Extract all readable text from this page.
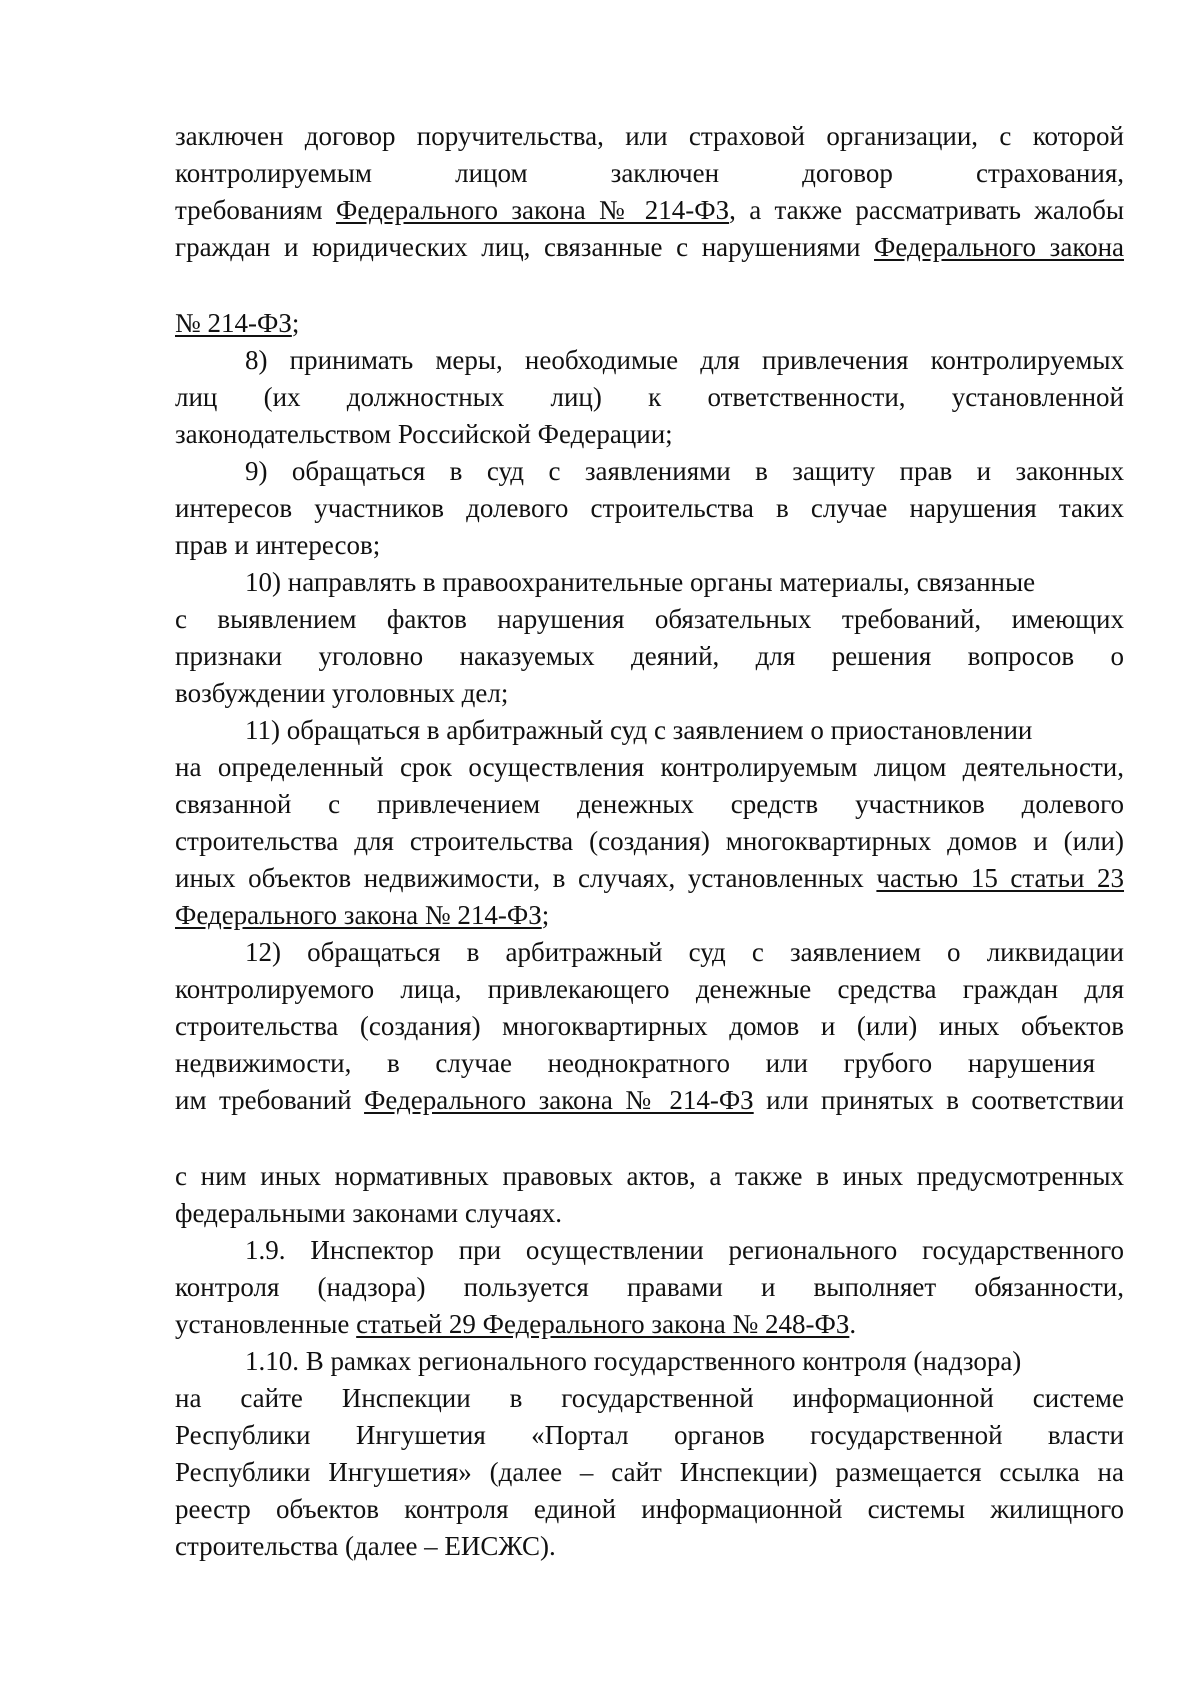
заключен договор поручительства, или страховой организации, с которой

контролируемым лицом заключен договор страхования,

требованиям Федерального закона № 214-ФЗ, а также рассматривать жалобы

граждан и юридических лиц, связанные с нарушениями Федерального закона

№ 214-ФЗ;

8) принимать меры, необходимые для привлечения контролируемых

лиц (их должностных лиц) к ответственности, установленной

законодательством Российской Федерации;

9) обращаться в суд с заявлениями в защиту прав и законных

интересов участников долевого строительства в случае нарушения таких

прав и интересов;

10) направлять в правоохранительные органы материалы, связанные

с выявлением фактов нарушения обязательных требований, имеющих

признаки уголовно наказуемых деяний, для решения вопросов о

возбуждении уголовных дел;

11) обращаться в арбитражный суд с заявлением о приостановлении

на определенный срок осуществления контролируемым лицом деятельности,

связанной с привлечением денежных средств участников долевого

строительства для строительства (создания) многоквартирных домов и (или)

иных объектов недвижимости, в случаях, установленных частью 15 статьи 23

Федерального закона № 214-ФЗ;

12) обращаться в арбитражный суд с заявлением о ликвидации

контролируемого лица, привлекающего денежные средства граждан для

строительства (создания) многоквартирных домов и (или) иных объектов

недвижимости, в случае неоднократного или грубого нарушения

им требований Федерального закона № 214-ФЗ или принятых в соответствии

с ним иных нормативных правовых актов, а также в иных предусмотренных

федеральными законами случаях.

1.9. Инспектор при осуществлении регионального государственного

контроля (надзора) пользуется правами и выполняет обязанности,

установленные статьей 29 Федерального закона № 248-ФЗ.

1.10. В рамках регионального государственного контроля (надзора)

на сайте Инспекции в государственной информационной системе

Республики Ингушетия «Портал органов государственной власти

Республики Ингушетия» (далее – сайт Инспекции) размещается ссылка на

реестр объектов контроля единой информационной системы жилищного

строительства (далее – ЕИСЖС).
